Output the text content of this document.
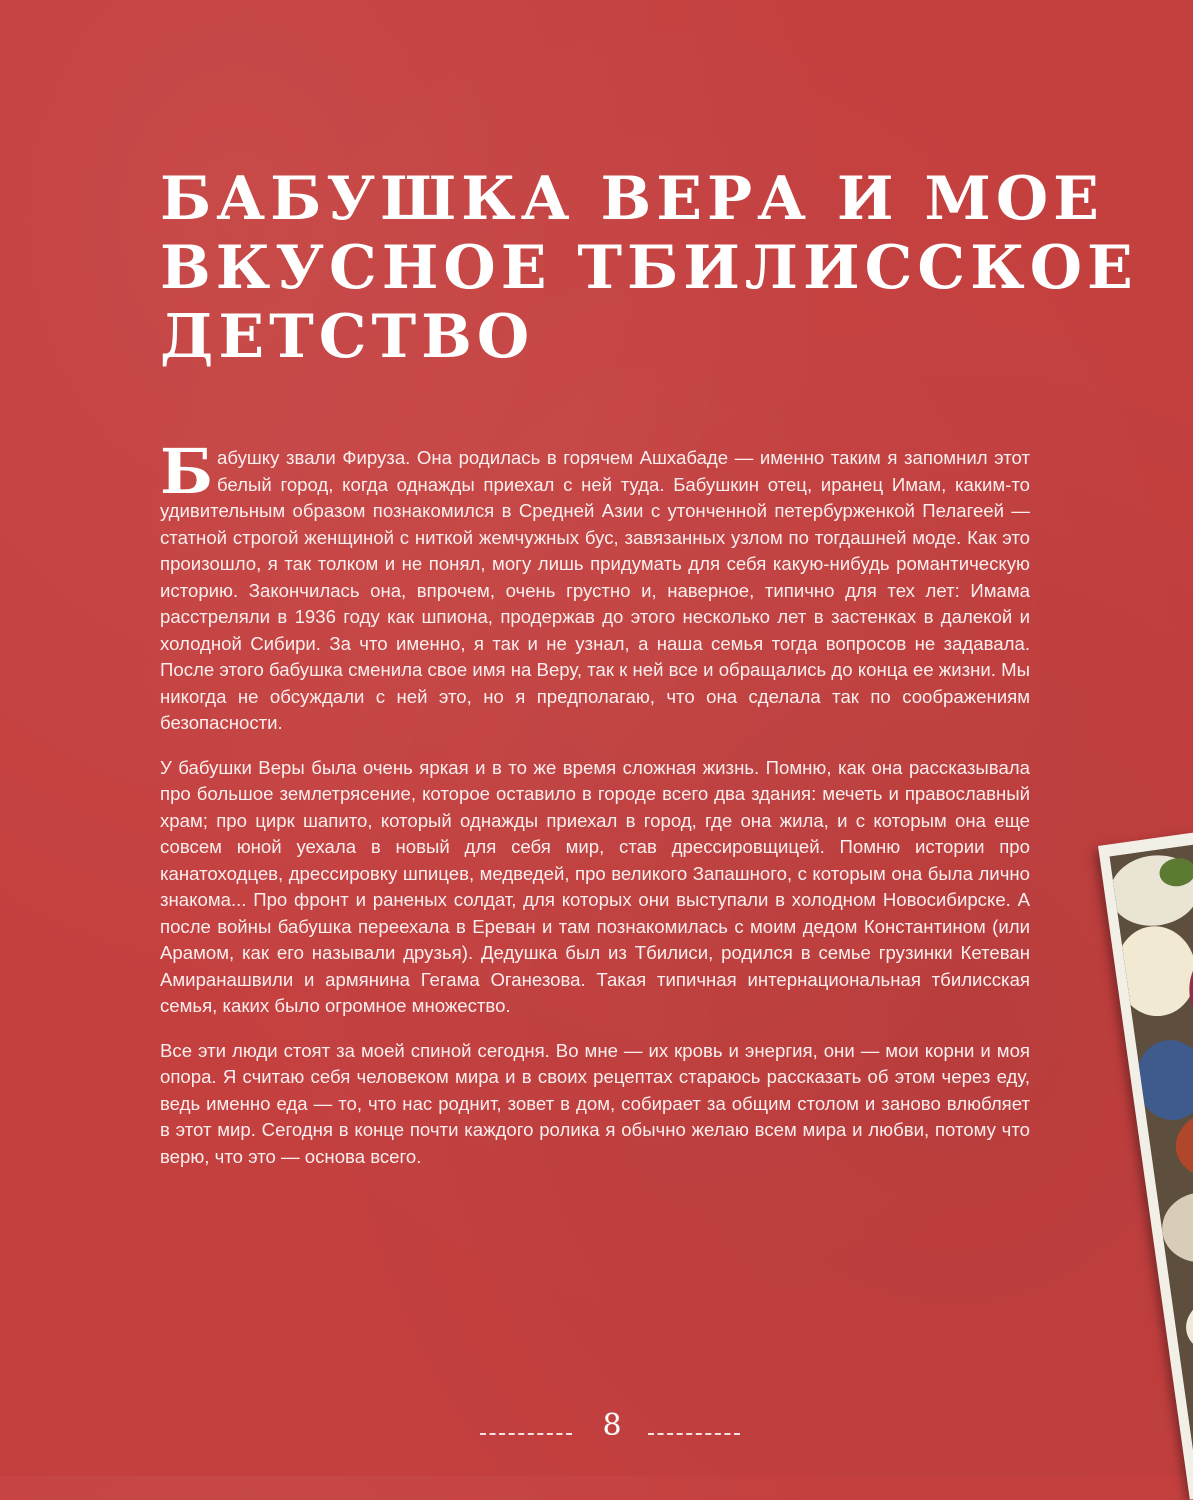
БАБУШКА ВЕРА И МОЕ
ВКУСНОЕ ТБИЛИССКОЕ
ДЕТСТВО

Бабушку звали Фируза. Она родилась в горячем Ашхабаде — именно таким я запомнил этот белый город, когда однажды приехал с ней туда. Бабушкин отец, иранец Имам, каким-то удивительным образом познакомился в Средней Азии с утонченной петербурженкой Пелагеей — статной строгой женщиной с ниткой жемчужных бус, завязанных узлом по тогдашней моде. Как это произошло, я так толком и не понял, могу лишь придумать для себя какую-нибудь романтическую историю. Закончилась она, впрочем, очень грустно и, наверное, типично для тех лет: Имама расстреляли в 1936 году как шпиона, продержав до этого несколько лет в застенках в далекой и холодной Сибири. За что именно, я так и не узнал, а наша семья тогда вопросов не задавала. После этого бабушка сменила свое имя на Веру, так к ней все и обращались до конца ее жизни. Мы никогда не обсуждали с ней это, но я предполагаю, что она сделала так по соображениям безопасности.

У бабушки Веры была очень яркая и в то же время сложная жизнь. Помню, как она рассказывала про большое землетрясение, которое оставило в городе всего два здания: мечеть и православный храм; про цирк шапито, который однажды приехал в город, где она жила, и с которым она еще совсем юной уехала в новый для себя мир, став дрессировщицей. Помню истории про канатоходцев, дрессировку шпицев, медведей, про великого Запашного, с которым она была лично знакома... Про фронт и раненых солдат, для которых они выступали в холодном Новосибирске. А после войны бабушка переехала в Ереван и там познакомилась с моим дедом Константином (или Арамом, как его называли друзья). Дедушка был из Тбилиси, родился в семье грузинки Кетеван Амиранашвили и армянина Гегама Оганезова. Такая типичная интернациональная тбилисская семья, каких было огромное множество.

Все эти люди стоят за моей спиной сегодня. Во мне — их кровь и энергия, они — мои корни и моя опора. Я считаю себя человеком мира и в своих рецептах стараюсь рассказать об этом через еду, ведь именно еда — то, что нас роднит, зовет в дом, собирает за общим столом и заново влюбляет в этот мир. Сегодня в конце почти каждого ролика я обычно желаю всем мира и любви, потому что верю, что это — основа всего.

8
